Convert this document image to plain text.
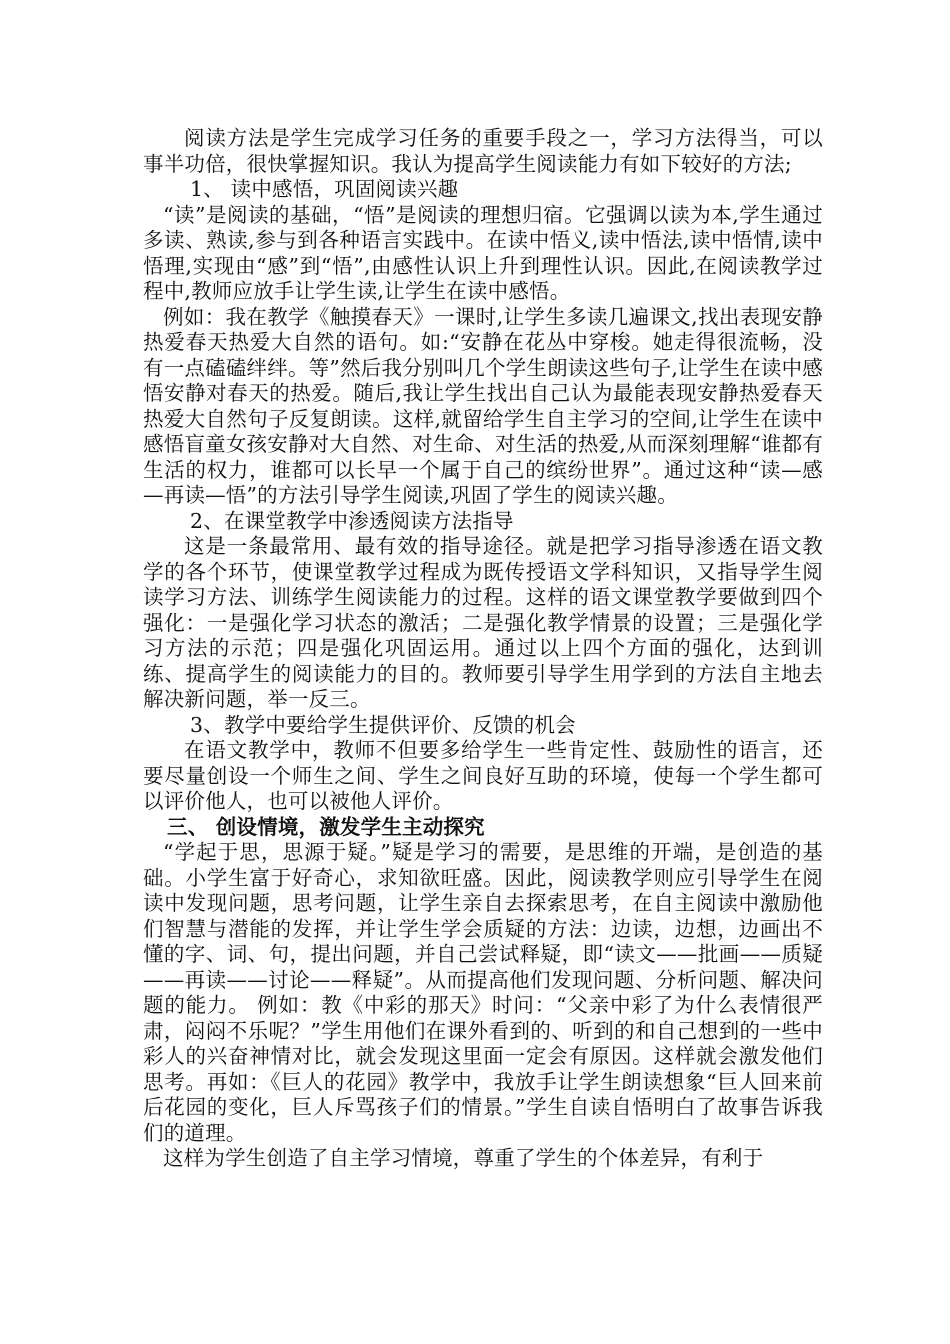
阅读方法是学生完成学习任务的重要手段之一，学习方法得当，可以事半功倍，很快掌握知识。我认为提高学生阅读能力有如下较好的方法;

1、 读中感悟，巩固阅读兴趣

“读”是阅读的基础，“悟”是阅读的理想归宿。它强调以读为本,学生通过多读、熟读,参与到各种语言实践中。在读中悟义,读中悟法,读中悟情,读中悟理,实现由“感”到“悟”,由感性认识上升到理性认识。因此,在阅读教学过程中,教师应放手让学生读,让学生在读中感悟。

例如：我在教学《触摸春天》一课时,让学生多读几遍课文,找出表现安静热爱春天热爱大自然的语句。如:“安静在花丛中穿梭。她走得很流畅，没有一点磕磕绊绊。等”然后我分别叫几个学生朗读这些句子,让学生在读中感悟安静对春天的热爱。随后,我让学生找出自己认为最能表现安静热爱春天热爱大自然句子反复朗读。这样,就留给学生自主学习的空间,让学生在读中感悟盲童女孩安静对大自然、对生命、对生活的热爱,从而深刻理解“谁都有生活的权力，谁都可以长早一个属于自己的缤纷世界”。通过这种“读—感—再读—悟”的方法引导学生阅读,巩固了学生的阅读兴趣。

2、在课堂教学中渗透阅读方法指导

这是一条最常用、最有效的指导途径。就是把学习指导渗透在语文教学的各个环节，使课堂教学过程成为既传授语文学科知识，又指导学生阅读学习方法、训练学生阅读能力的过程。这样的语文课堂教学要做到四个强化：一是强化学习状态的激活；二是强化教学情景的设置；三是强化学习方法的示范；四是强化巩固运用。通过以上四个方面的强化，达到训练、提高学生的阅读能力的目的。教师要引导学生用学到的方法自主地去解决新问题，举一反三。

3、教学中要给学生提供评价、反馈的机会

在语文教学中，教师不但要多给学生一些肯定性、鼓励性的语言，还要尽量创设一个师生之间、学生之间良好互助的环境，使每一个学生都可以评价他人，也可以被他人评价。

三、 创设情境，激发学生主动探究

“学起于思，思源于疑。”疑是学习的需要，是思维的开端，是创造的基础。小学生富于好奇心，求知欲旺盛。因此，阅读教学则应引导学生在阅读中发现问题，思考问题，让学生亲自去探索思考，在自主阅读中激励他们智慧与潜能的发挥，并让学生学会质疑的方法：边读，边想，边画出不懂的字、词、句，提出问题，并自己尝试释疑，即“读文——批画——质疑——再读——讨论——释疑”。从而提高他们发现问题、分析问题、解决问题的能力。 例如：教《中彩的那天》时问：“父亲中彩了为什么表情很严肃，闷闷不乐呢？”学生用他们在课外看到的、听到的和自己想到的一些中彩人的兴奋神情对比，就会发现这里面一定会有原因。这样就会激发他们思考。再如：《巨人的花园》教学中，我放手让学生朗读想象“巨人回来前后花园的变化，巨人斥骂孩子们的情景。”学生自读自悟明白了故事告诉我们的道理。

这样为学生创造了自主学习情境，尊重了学生的个体差异，有利于
